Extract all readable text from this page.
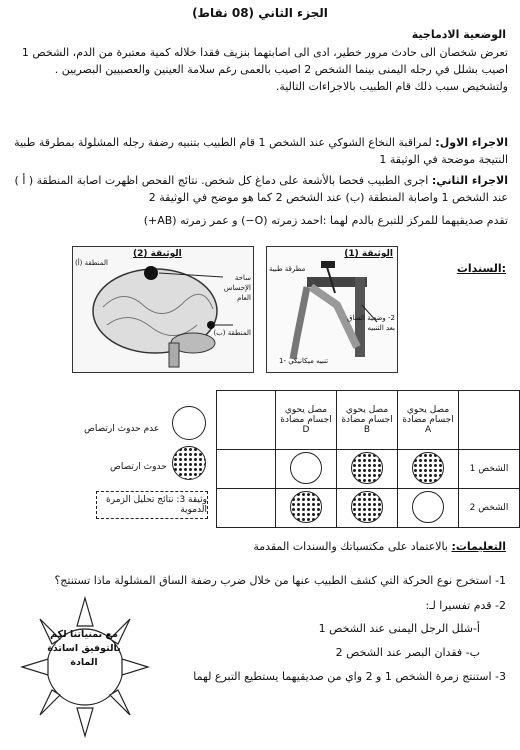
الجزء الثاني (08 نقاط)
الوضعية الادماجية
تعرض شخصان الى حادث مرور خطير، ادى الى اصابتهما بنزيف فقدا خلاله كمية معتبرة من الدم، الشخص 1 اصيب بشلل في رجله اليمنى بينما الشخص 2 اصيب بالعمى رغم سلامة العينين والعصبيين البصريين . ولتشخيص سبب ذلك قام الطبيب بالاجراءات التالية.
الاجراء الاول: لمراقبة النخاع الشوكي عند الشخص 1 قام الطبيب بتنبيه رضفة رجله المشلولة بمطرقة طبية النتيجة موضحة في الوثيقة 1
الاجراء الثاني: اجرى الطبيب فحصا بالأشعة على دماغ كل شخص. نتائج الفحص اظهرت اصابة المنطقة ( أ ) عند الشخص 1 واصابة المنطقة (ب) عند الشخص 2 كما هو موضح في الوثيقة 2
تقدم صديقيهما للمركز للتبرع بالدم لهما :احمد زمرته (O−) و عمر زمرته (AB+)
السندات:
الوثيقة (1)
مطرقة طبية
2- وضعية الساق بعد التنبيه
1- تنبيه ميكانيكي
الوثيقة (2)
المنطقة (أ)
ساحة الإحساس العام
المنطقة (ب)
	مصل يحوي اجسام مضادة D	مصل يحوي اجسام مضادة B	مصل يحوي اجسام مضادة A	
				الشخص 1
				الشخص 2
عدم حدوث ارتصاص
حدوث ارتصاص
وثيقة 3: نتائج تحليل الزمرة الدموية
التعليمات: بالاعتماد على مكتسباتك والسندات المقدمة
1- استخرج نوع الحركة التي كشف الطبيب عنها من خلال ضرب رضفة الساق المشلولة ماذا تستنتج؟
2- قدم تفسيرا لـ:
أ-شلل الرجل اليمنى عند الشخص 1
ب- فقدان البصر عند الشخص 2
3- استنتج زمرة الشخص 1 و 2 واي من صديقيهما يستطيع التبرع لهما
مع تمنياتنا لكم بالتوفيق اساتذة المادة
